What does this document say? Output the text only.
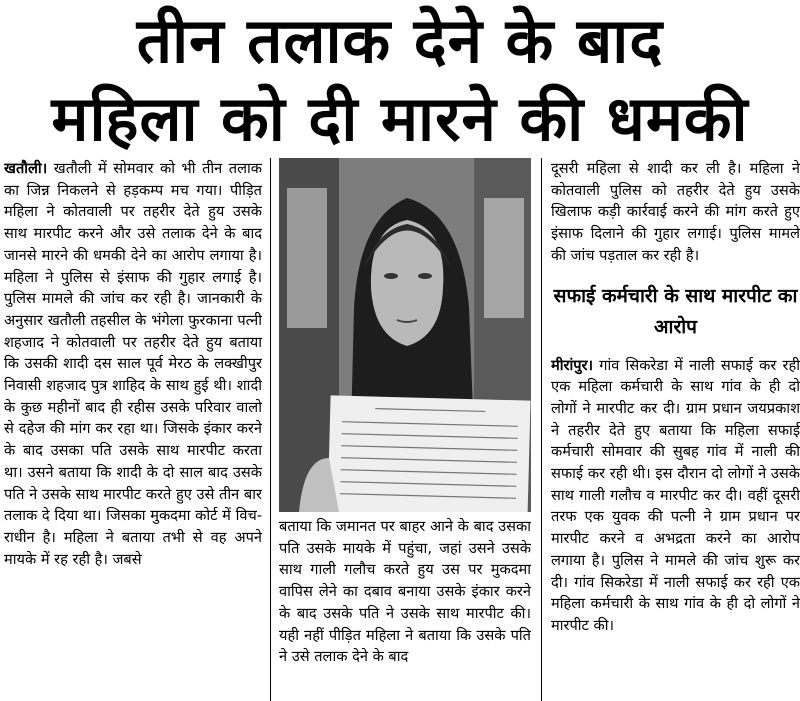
तीन तलाक देने के बाद
महिला को दी मारने की धमकी

खतौली। खतौली में सोमवार को भी तीन तलाक का जिन्न निकलने से हड़कम्प मच गया। पीड़ित महिला ने कोतवाली पर तहरीर देते हुय उसके साथ मारपीट करने और उसे तलाक देने के बाद जानसे मारने की धमकी देने का आरोप लगाया है। महिला ने पुलिस से इंसाफ की गुहार लगाई है। पुलिस मामले की जांच कर रही है। जानकारी के अनुसार खतौली तहसील के भंगेला फुरकाना पत्नी शहजाद ने कोतवाली पर तहरीर देते हुय बताया कि उसकी शादी दस साल पूर्व मेरठ के लक्खीपुर निवासी शहजाद पुत्र शाहिद के साथ हुई थी। शादी के कुछ महीनों बाद ही रहीस उसके परिवार वालो से दहेज की मांग कर रहा था। जिसके इंकार करने के बाद उसका पति उसके साथ मारपीट करता था। उसने बताया कि शादी के दो साल बाद उसके पति ने उसके साथ मारपीट करते हुए उसे तीन बार तलाक दे दिया था। जिसका मुकदमा कोर्ट में विच-राधीन है। महिला ने बताया तभी से वह अपने मायके में रह रही है। जबसे

बताया कि जमानत पर बाहर आने के बाद उसका पति उसके मायके में पहुंचा, जहां उसने उसके साथ गाली गलौच करते हुय उस पर मुकदमा वापिस लेने का दबाव बनाया उसके इंकार करने के बाद उसके पति ने उसके साथ मारपीट की। यही नहीं पीड़ित महिला ने बताया कि उसके पति ने उसे तलाक देने के बाद

दूसरी महिला से शादी कर ली है। महिला ने कोतवाली पुलिस को तहरीर देते हुय उसके खिलाफ कड़ी कार्रवाई करने की मांग करते हुए इंसाफ दिलाने की गुहार लगाई। पुलिस मामले की जांच पड़ताल कर रही है।

सफाई कर्मचारी के साथ मारपीट का आरोप

मीरांपुर। गांव सिकरेडा में नाली सफाई कर रही एक महिला कर्मचारी के साथ गांव के ही दो लोगों ने मारपीट कर दी। ग्राम प्रधान जयप्रकाश ने तहरीर देते हुए बताया कि महिला सफाई कर्मचारी सोमवार की सुबह गांव में नाली की सफाई कर रही थी। इस दौरान दो लोगों ने उसके साथ गाली गलौच व मारपीट कर दी। वहीं दूसरी तरफ एक युवक की पत्नी ने ग्राम प्रधान पर मारपीट करने व अभद्रता करने का आरोप लगाया है। पुलिस ने मामले की जांच शुरू कर दी। गांव सिकरेडा में नाली सफाई कर रही एक महिला कर्मचारी के साथ गांव के ही दो लोगों ने मारपीट की।
